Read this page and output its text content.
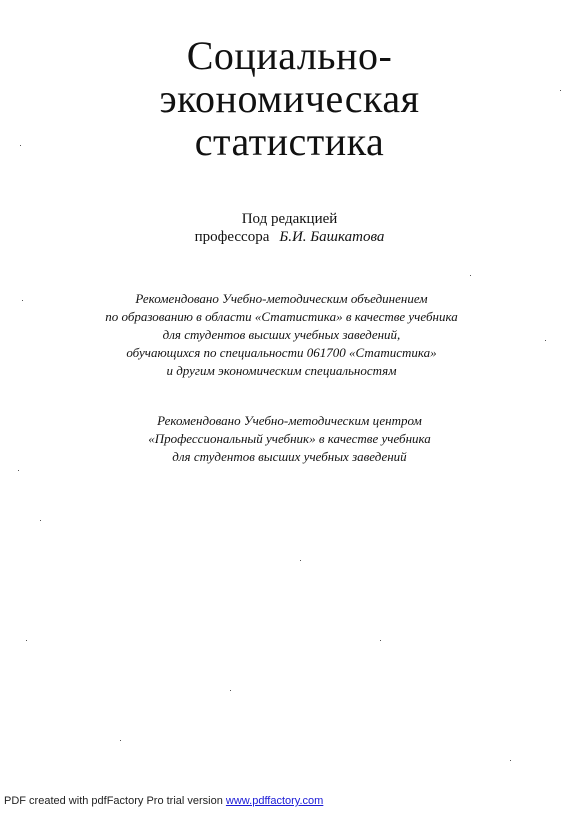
Социально-
экономическая
статистика
Под редакцией
профессора Б.И. Башкатова
Рекомендовано Учебно-методическим объединением
по образованию в области «Статистика» в качестве учебника
для студентов высших учебных заведений,
обучающихся по специальности 061700 «Статистика»
и другим экономическим специальностям
Рекомендовано Учебно-методическим центром
«Профессиональный учебник» в качестве учебника
для студентов высших учебных заведений
PDF created with pdfFactory Pro trial version www.pdffactory.com
